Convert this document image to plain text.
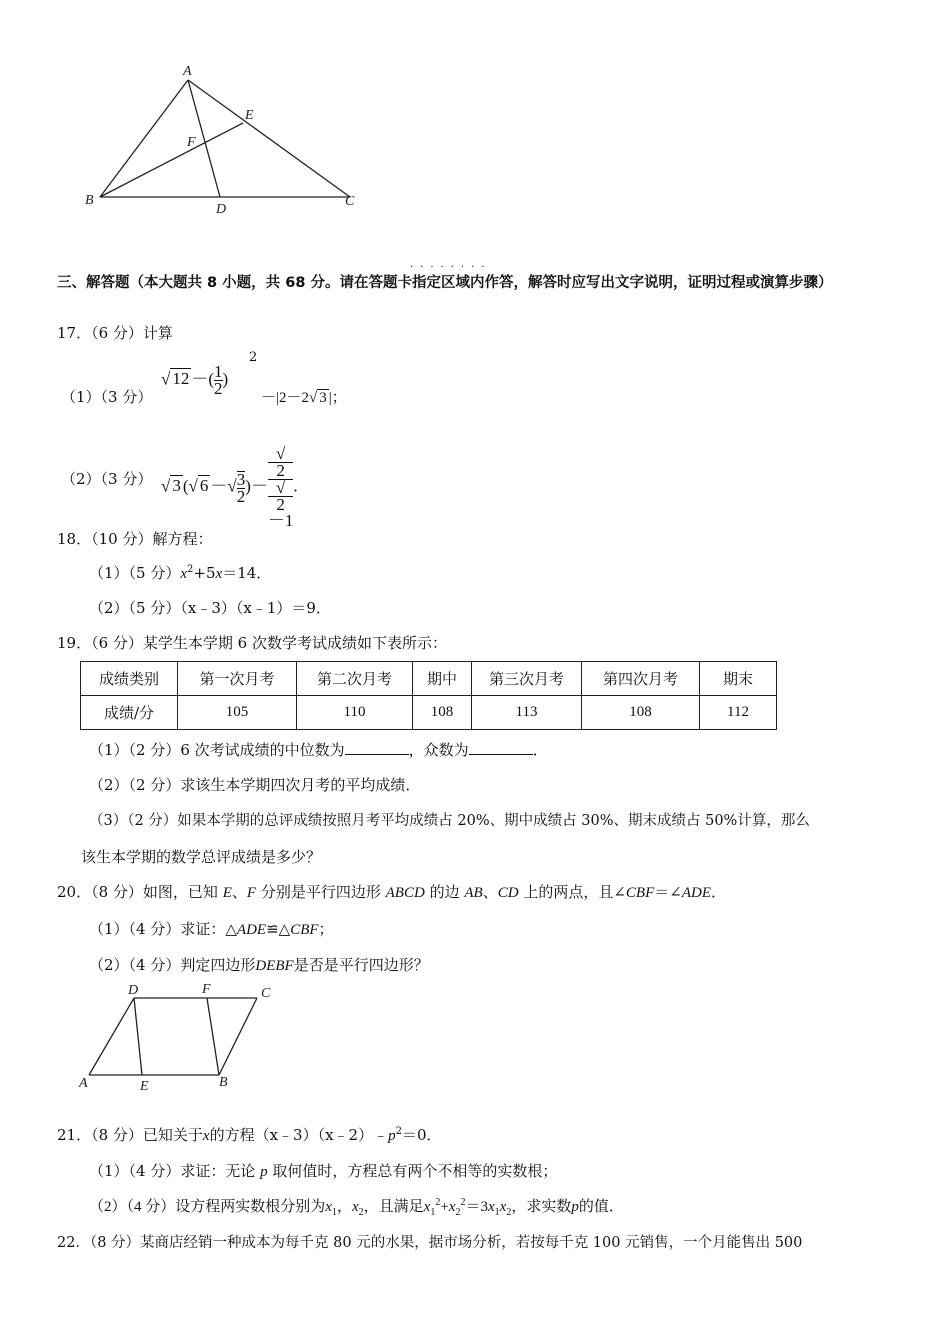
A
E
F
B
D
C
........
三、解答题（本大题共 8 小题，共 68 分。请在答题卡指定区域内作答，解答时应写出文字说明，证明过程或演算步骤）
17．（6 分）计算
（1）（3 分）
√ 12 －( $\frac{1}{2}$ )
2
－|2－2√ 3 |；
（2）（3 分） √ 3 (√ 6 －√ $\frac{3}{2}$ )－ √
2
√
2
－1 .
18．（10 分）解方程：
（1）（5 分）$x^2+5x=14$．
（2）（5 分）（x﹣3）（x﹣1）＝9．
19．（6 分）某学生本学期 6 次数学考试成绩如下表所示：
成绩类别	第一次月考	第二次月考	期中	第三次月考	第四次月考	期末
成绩/分	105	110	108	113	108	112
（1）（2 分）6 次考试成绩的中位数为	，众数为	．
（2）（2 分）求该生本学期四次月考的平均成绩．
（3）（2 分）如果本学期的总评成绩按照月考平均成绩占 20%、期中成绩占 30%、期末成绩占 50%计算，那么
该生本学期的数学总评成绩是多少？
20．（8 分）如图，已知 E、F 分别是平行四边形 ABCD 的边 AB、CD 上的两点，且∠CBF＝∠ADE．
（1）（4 分）求证：△ADE≌△CBF；
（2）（4 分）判定四边形DEBF是否是平行四边形？
D	F	C
A	E	B
21．（8 分）已知关于x的方程$(x﹣3)(x﹣2)﹣p^2=0$．
（1）（4 分）求证：无论 p 取何值时，方程总有两个不相等的实数根；
（2）（4 分）设方程两实数根分别为$x_1$，$x_2$，且满足$x_1^2+x_2^2=3x_1x_2$，求实数p的值．
22．（8 分）某商店经销一种成本为每千克 80 元的水果，据市场分析，若按每千克 100 元销售，一个月能售出 500
